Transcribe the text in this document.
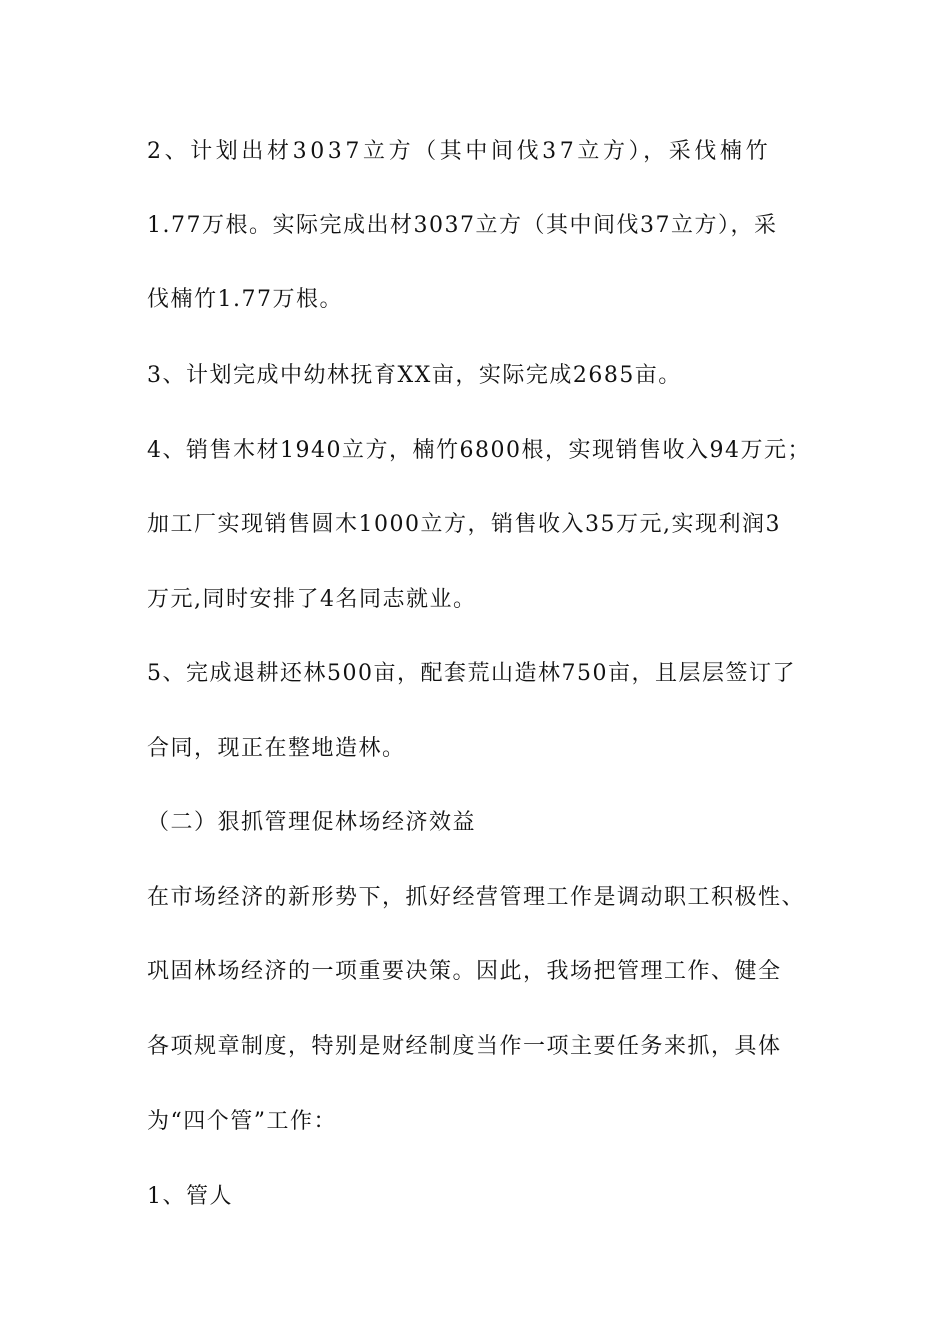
2、计划出材3037立方（其中间伐37立方），采伐楠竹
1.77万根。实际完成出材3037立方（其中间伐37立方），采
伐楠竹1.77万根。
3、计划完成中幼林抚育XX亩，实际完成2685亩。
4、销售木材1940立方，楠竹6800根，实现销售收入94万元；
加工厂实现销售圆木1000立方，销售收入35万元,实现利润3
万元,同时安排了4名同志就业。
5、完成退耕还林500亩，配套荒山造林750亩，且层层签订了
合同，现正在整地造林。
（二）狠抓管理促林场经济效益
在市场经济的新形势下，抓好经营管理工作是调动职工积极性、
巩固林场经济的一项重要决策。因此，我场把管理工作、健全
各项规章制度，特别是财经制度当作一项主要任务来抓，具体
为“四个管”工作：
1、管人
